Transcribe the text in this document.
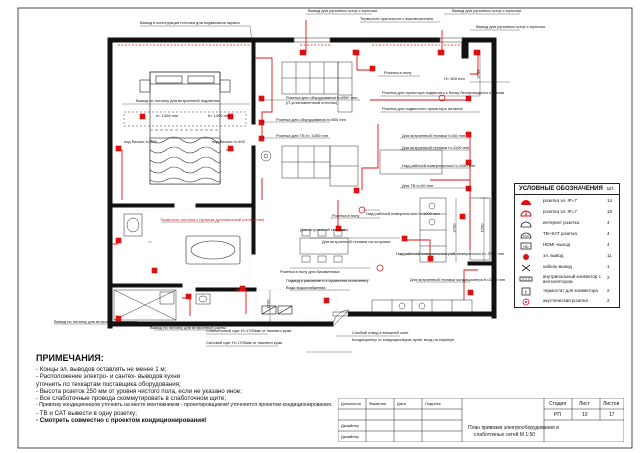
Вывод в конструкции потолка для подвеcания экрана
Вывод для рулонных штор с пультом
Термостат приточного с выключателем
Вывод для рулонных штор с пультом
Вывод для рулонных штор с пультом
Розетка в полу
H= 500 mm
Розетка для проектора подвесить к блоку беспроводного питания
Розетка для подвесного проектора питание
Вывод по потолку для встроенной подсветки
h= 1400 mm	h= 1400 mm
Розетка для оборудования h=850* mm
(П-установленный потолок)
Розетка для оборудования h=850 mm
Розетка для ТВ h= 1000 mm	Для встроенной техники h=50 mm
Для встроенной техники h=1100 mm
Над рабочей поверхностью h=1150 mm
Для ТВ h=50 mm
Над рабочей поверхностью h=1000 mm
Розетка в полу
Для встроенной техники
Для встроенной техники на островке
Над рабочей поверхностью раб. поверхности h= 2000 mm
Розетка в полу для бисквитника
под блочко h=400	под блочко h=400
Подвод к раковине и к сушителю полотенец
Вода водоснабжения
Вывод по потолку для встроенной подсветки
Для встроенной техники кондиционера h=2200 mm
Термостат потолка с пультом ду/зональный (отопление)
Вывод по потолку для встроенной сауны
Слаботочный щит H=1700мм от нижнего края
Силовой щит H=1700мм от нижнего края
Слабый отвод к внешней зоне
Кондиционер от кондиционеров пульт вход на сервере
1200
2700
1700
2700
УСЛОВНЫЕ ОБОЗНАЧЕНИЯ шт.
розетка эл. IP=7	14
розетка эл. IP=7	18
интернет розетка	4
ТВ+SAT розетка	4
HD	HDMI -выход	4
эл. вывод	11
кабель-вывод	1
внутрипольный конвектор с вентилятором
2
t	термостат для конвектора 2
акустическая розетка	2
ПРИМЕЧАНИЯ:
- Концы эл. выводов оставлять не менее 1 м;
- Расположение электро- и сантех- выводов кухни
уточнить по техкартам поставщика оборудования;
- Высота розеток 250 мм от уровня чистого пола, если не указано иное;
- Все слаботочные провода скоммутировать в слаботочном щите;
- Привязку кондиционеров уточнить на месте монтажником - проектировщиком! уточняется проектом кондиционирования.
- ТВ и САТ вывести в одну розетку;
- Смотреть совместно с проектом кондиционирования!
Должность Фамилия	Дата	Подпись
Дизайнер
Дизайнер
Стадия	Лист	Листов
РП	10	17
План привязки электрооборудования и
слаботочных сетей М 1:50
